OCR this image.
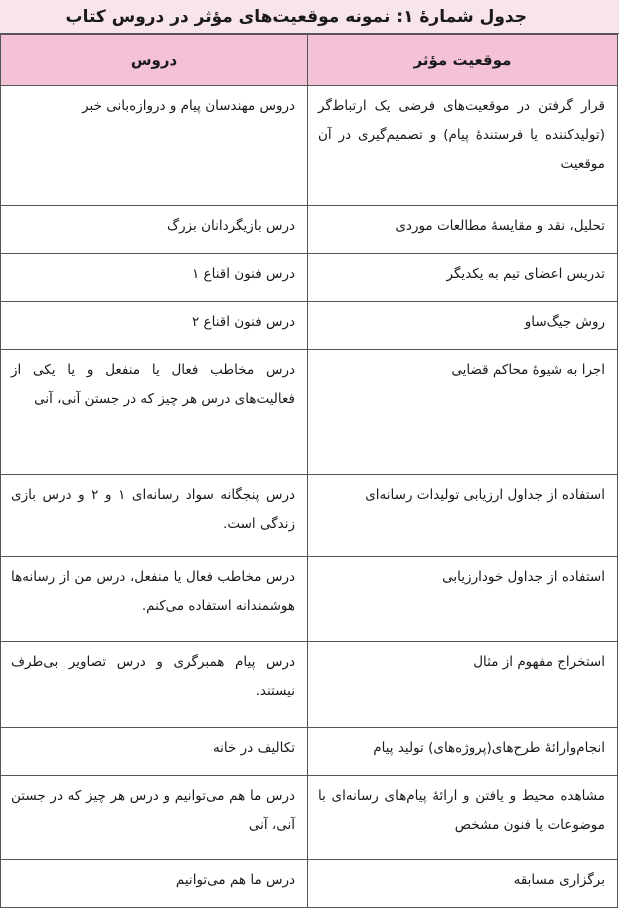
جدول شمارهٔ ۱: نمونه موقعیت‌های مؤثر در دروس کتاب
موقعیت مؤثر	دروس
قرار گرفتن در موقعیت‌های فرضی یک ارتباط‌گر (تولیدکننده یا فرستندهٔ پیام) و تصمیم‌گیری در آن موقعیت	دروس مهندسان پیام و دروازه‌بانی خبر
تحلیل، نقد و مقایسهٔ مطالعات موردی	درس بازیگردانان بزرگ
تدریس اعضای تیم به یکدیگر	درس فنون اقناع ۱
روش جیگ‌ساو	درس فنون اقناع ۲
اجرا به شیوهٔ محاکم قضایی	درس مخاطب فعال یا منفعل و یا یکی از فعالیت‌های درس هر چیز که در جستن آنی، آنی
استفاده از جداول ارزیابی تولیدات رسانه‌ای	درس پنجگانه سواد رسانه‌ای ۱ و ۲ و درس بازی زندگی است.
استفاده از جداول خودارزیابی	درس مخاطب فعال یا منفعل، درس من از رسانه‌ها هوشمندانه استفاده می‌کنم.
استخراج مفهوم از مثال	درس پیام همبرگری و درس تصاویر بی‌طرف نیستند.
انجام‌وارائهٔ طرح‌های(پروژه‌های) تولید پیام	تکالیف در خانه
مشاهده محیط و یافتن و ارائهٔ پیام‌های رسانه‌ای با موضوعات یا فنون مشخص	درس ما هم می‌توانیم و درس هر چیز که در جستن آنی، آنی
برگزاری مسابقه	درس ما هم می‌توانیم
